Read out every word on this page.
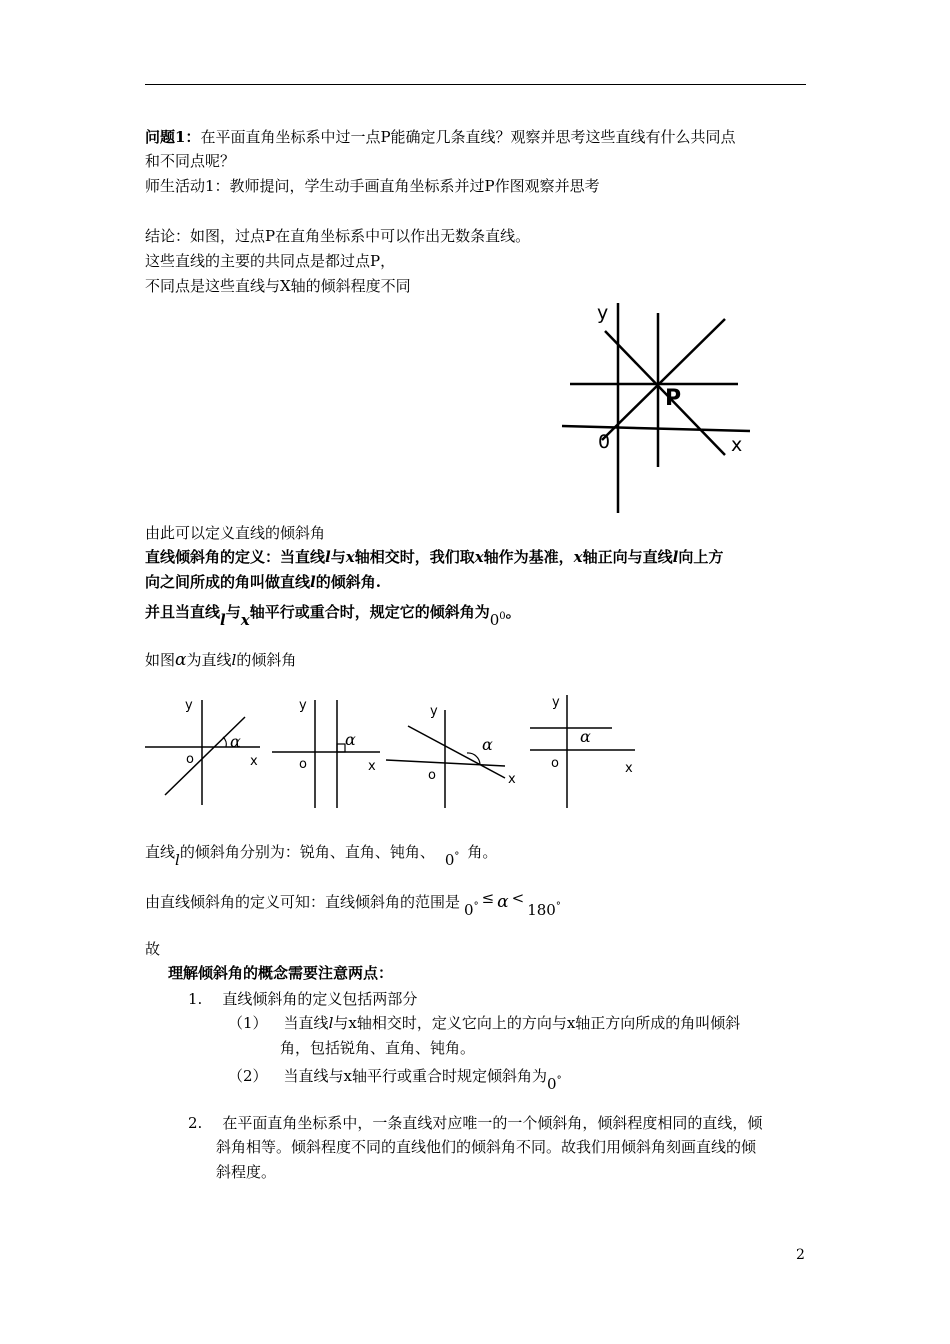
问题1：在平面直角坐标系中过一点P能确定几条直线？观察并思考这些直线有什么共同点
和不同点呢？
师生活动1：教师提问，学生动手画直角坐标系并过P作图观察并思考
结论：如图，过点P在直角坐标系中可以作出无数条直线。
这些直线的主要的共同点是都过点P，
不同点是这些直线与X轴的倾斜程度不同
y
x
0
P
由此可以定义直线的倾斜角
直线倾斜角的定义：当直线l与x轴相交时，我们取x轴作为基准，x轴正向与直线l向上方
向之间所成的角叫做直线l的倾斜角.
并且当直线l与x轴平行或重合时，规定它的倾斜角为$0^0$。
如图α为直线l的倾斜角
y
x
o
α
y
x
o
α
y
x
o
α
y
x
o
α
直线l的倾斜角分别为：锐角、直角、钝角、 0° 角。
由直线倾斜角的定义可知：直线倾斜角的范围是 0° ≤ α <180°
故
理解倾斜角的概念需要注意两点：
1. 直线倾斜角的定义包括两部分
（1） 当直线l与x轴相交时，定义它向上的方向与x轴正方向所成的角叫倾斜
角，包括锐角、直角、钝角。
（2） 当直线与x轴平行或重合时规定倾斜角为0°
2. 在平面直角坐标系中，一条直线对应唯一的一个倾斜角，倾斜程度相同的直线，倾
斜角相等。倾斜程度不同的直线他们的倾斜角不同。故我们用倾斜角刻画直线的倾
斜程度。
2
